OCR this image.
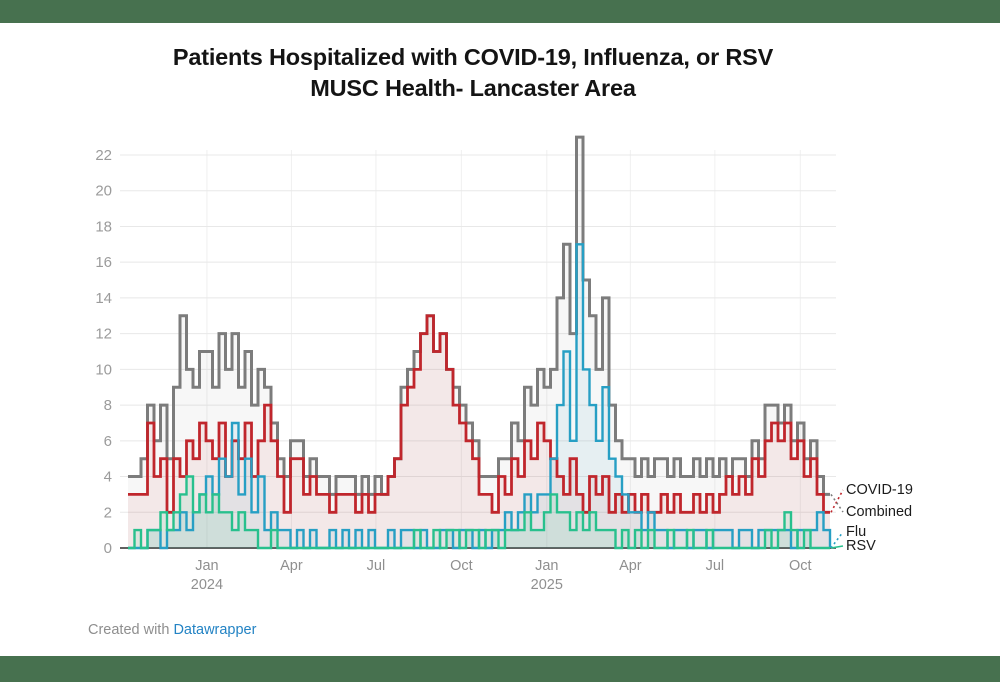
Patients Hospitalized with COVID-19, Influenza, or RSV
MUSC Health- Lancaster Area
0
2
4
6
8
10
12
14
16
18
20
22
Jan
2024
Apr	Jul	Oct	Jan
2025
Apr	Jul	Oct
COVID-19
Combined
Flu
RSV
Created with Datawrapper
